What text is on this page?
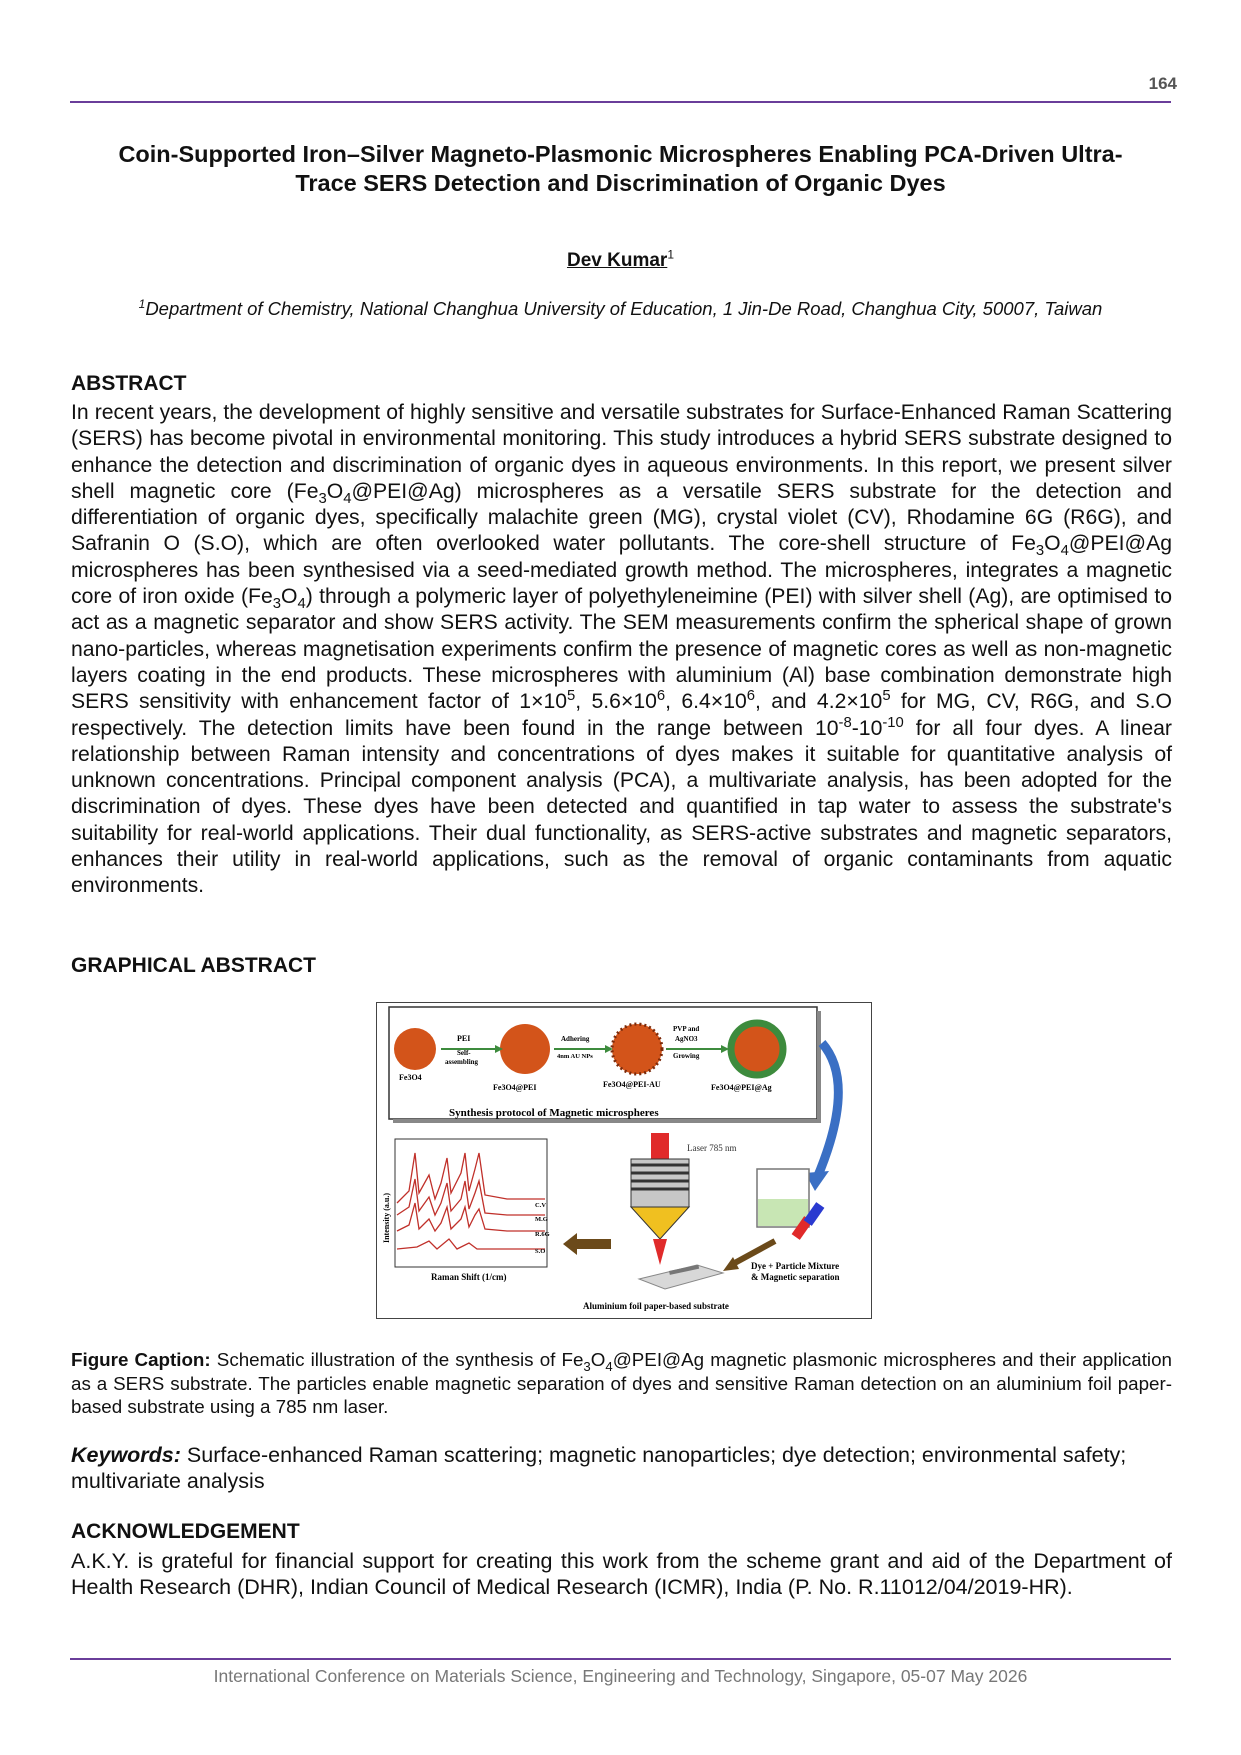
164
Coin-Supported Iron–Silver Magneto-Plasmonic Microspheres Enabling PCA-Driven Ultra-
Trace SERS Detection and Discrimination of Organic Dyes
Dev Kumar$^1$
$^1$Department of Chemistry, National Changhua University of Education, 1 Jin-De Road, Changhua City, 50007, Taiwan
ABSTRACT
In recent years, the development of highly sensitive and versatile substrates for Surface-Enhanced Raman Scattering (SERS) has become pivotal in environmental monitoring. This study introduces a hybrid SERS substrate designed to enhance the detection and discrimination of organic dyes in aqueous environments. In this report, we present silver shell magnetic core $(Fe_3O_4@PEI@Ag)$ microspheres as a versatile SERS substrate for the detection and differentiation of organic dyes, specifically malachite green (MG), crystal violet (CV), Rhodamine 6G (R6G), and Safranin O (S.O), which are often overlooked water pollutants. The core-shell structure of $Fe_3O_4@PEI@Ag$ microspheres has been synthesised via a seed-mediated growth method. The microspheres, integrates a magnetic core of iron oxide $(Fe_3O_4)$ through a polymeric layer of polyethyleneimine (PEI) with silver shell (Ag), are optimised to act as a magnetic separator and show SERS activity. The SEM measurements confirm the spherical shape of grown nano-particles, whereas magnetisation experiments confirm the presence of magnetic cores as well as non-magnetic layers coating in the end products. These microspheres with aluminium (Al) base combination demonstrate high SERS sensitivity with enhancement factor of $1\times 10^5$, $5.6\times 10^6$, $6.4\times 10^6$, and $4.2\times 10^5$ for MG, CV, R6G, and S.O respectively. The detection limits have been found in the range between $10^{-8}-10^{-10}$ for all four dyes. A linear relationship between Raman intensity and concentrations of dyes makes it suitable for quantitative analysis of unknown concentrations. Principal component analysis (PCA), a multivariate analysis, has been adopted for the discrimination of dyes. These dyes have been detected and quantified in tap water to assess the substrate's suitability for real-world applications. Their dual functionality, as SERS-active substrates and magnetic separators, enhances their utility in real-world applications, such as the removal of organic contaminants from aquatic environments.
GRAPHICAL ABSTRACT
PEI
Self-
assembling
Fe3O4
Fe3O4@PEI
Adhering
4nm AU NPs
Fe3O4@PEI-AU
PVP and
AgNO3
Growing
Fe3O4@PEI@Ag
Synthesis protocol of Magnetic microspheres
Intensity (a.u.)
Raman Shift (1/cm)
C.V
M.G
R.6G
S.O
Laser 785 nm
Dye + Particle Mixture
& Magnetic separation
Aluminium foil paper-based substrate
Figure Caption: Schematic illustration of the synthesis of $Fe_3O_4@PEI@Ag$ magnetic plasmonic microspheres and their application as a SERS substrate. The particles enable magnetic separation of dyes and sensitive Raman detection on an aluminium foil paper-based substrate using a 785 nm laser.
Keywords: Surface-enhanced Raman scattering; magnetic nanoparticles; dye detection; environmental safety; multivariate analysis
ACKNOWLEDGEMENT
A.K.Y. is grateful for financial support for creating this work from the scheme grant and aid of the Department of Health Research (DHR), Indian Council of Medical Research (ICMR), India (P. No. R.11012/04/2019-HR).
International Conference on Materials Science, Engineering and Technology, Singapore, 05-07 May 2026
